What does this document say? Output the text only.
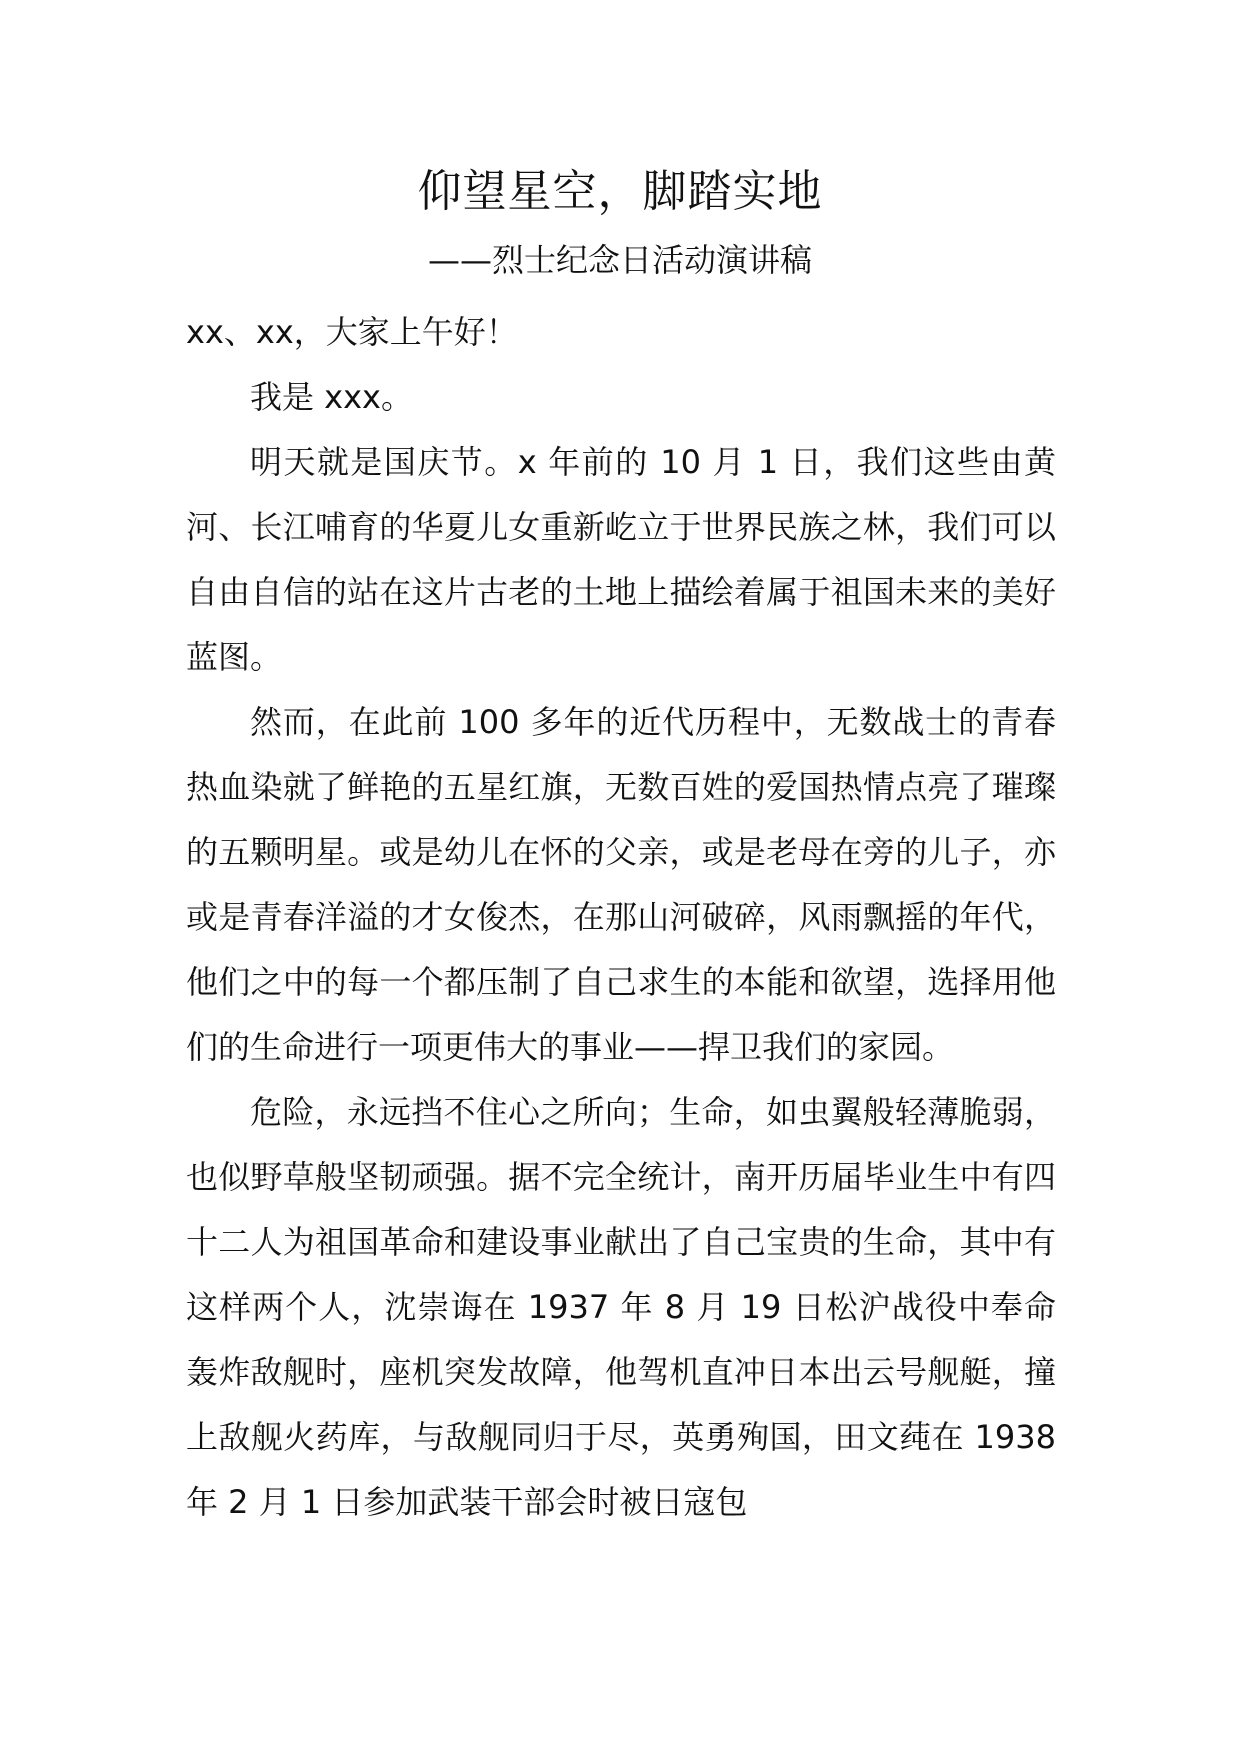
仰望星空，脚踏实地
——烈士纪念日活动演讲稿

xx、xx，大家上午好！

我是 xxx。

明天就是国庆节。x 年前的 10 月 1 日，我们这些由黄河、长江哺育的华夏儿女重新屹立于世界民族之林，我们可以自由自信的站在这片古老的土地上描绘着属于祖国未来的美好蓝图。

然而，在此前 100 多年的近代历程中，无数战士的青春热血染就了鲜艳的五星红旗，无数百姓的爱国热情点亮了璀璨的五颗明星。或是幼儿在怀的父亲，或是老母在旁的儿子，亦或是青春洋溢的才女俊杰，在那山河破碎，风雨飘摇的年代，他们之中的每一个都压制了自己求生的本能和欲望，选择用他们的生命进行一项更伟大的事业——捍卫我们的家园。

危险，永远挡不住心之所向；生命，如虫翼般轻薄脆弱，也似野草般坚韧顽强。据不完全统计，南开历届毕业生中有四十二人为祖国革命和建设事业献出了自己宝贵的生命，其中有这样两个人，沈崇诲在 1937 年 8 月 19 日松沪战役中奉命轰炸敌舰时，座机突发故障，他驾机直冲日本出云号舰艇，撞上敌舰火药库，与敌舰同归于尽，英勇殉国，田文莼在 1938 年 2 月 1 日参加武装干部会时被日寇包
